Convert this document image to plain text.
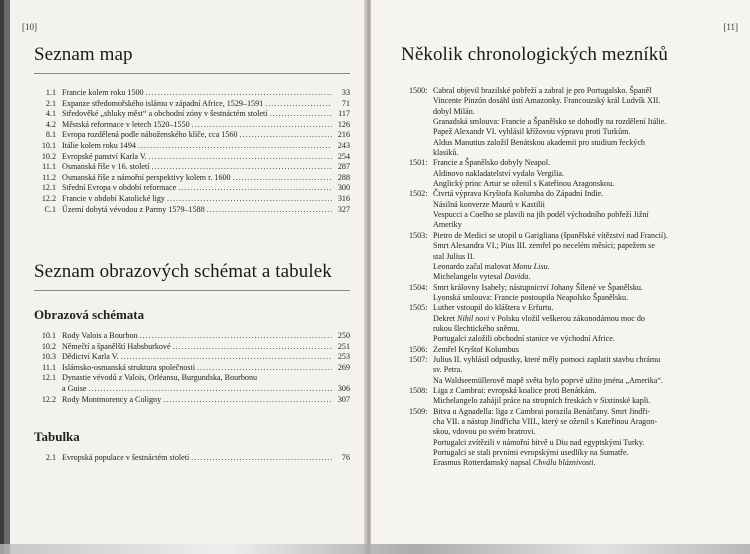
[10]
Seznam map
1.1 Francie kolem roku 1500 .....	33
2.1 Expanze středomořského islámu v západní Africe, 1529–1591 .....	71
4.1 Středověké „shluky měst“ a obchodní zóny v šestnáctém století .....	117
4.2 Městská reformace v letech 1520–1550 .....	126
8.1 Evropa rozdělená podle náboženského klíče, cca 1560 .....	216
10.1 Itálie kolem roku 1494 .....	243
10.2 Evropské panství Karla V. .....	254
11.1 Osmanská říše v 16. století .....	287
11.2 Osmanská říše z námořní perspektivy kolem r. 1600 .....	288
12.1 Střední Evropa v období reformace .....	300
12.2 Francie v období Katolické ligy .....	316
C.1 Území dobytá vévodou z Parmy 1579–1588 .....	327
Seznam obrazových schémat a tabulek
Obrazová schémata
10.1 Rody Valois a Bourbon .....	250
10.2 Němečtí a španělští Habsburkové .....	251
10.3 Dědictví Karla V. .....	253
11.1 Islámsko-osmanská struktura společnosti .....	269
12.1 Dynastie vévodů z Valois, Orléansu, Burgundska, Bourbonu
a Guise .....	306
12.2 Rody Montmorency a Coligny .....	307
Tabulka
2.1 Evropská populace v šestnáctém století .....	76
[11]
Několik chronologických mezníků
1500: Cabral objevil brazilské pobřeží a zabral je pro Portugalsko. Španěl
Vincente Pinzón dosáhl ústí Amazonky. Francouzský král Ludvík XII.
dobyl Milán.
Granadská smlouva: Francie a Španělsko se dohodly na rozdělení Itálie.
Papež Alexandr VI. vyhlásil křížovou výpravu proti Turkům.
Aldus Manutius založil Benátskou akademii pro studium řeckých
klasiků.
1501: Francie a Španělsko dobyly Neapol.
Aldinovo nakladatelství vydalo Vergilia.
Anglický princ Artur se oženil s Kateřinou Aragonskou.
1502: Čtvrtá výprava Kryštofa Kolumba do Západní Indie.
Násilná konverze Maurů v Kastilii
Vespucci a Coelho se plavili na jih podél východního pobřeží Jižní
Ameriky
1503: Pietro de Medici se utopil u Gariglianа (španělské vítězství nad Francií).
Smrt Alexandra VI.; Pius III. zemřel po necelém měsíci; papežem se
stal Julius II.
Leonardo začal malovat Monu Lisu.
Michelangelo vytesal Davida.
1504: Smrt královny Isabely; nástupnictví Johany Šílené ve Španělsku.
Lyonská smlouva: Francie postoupila Neapolsko Španělsku.
1505: Luther vstoupil do kláštera v Erfurtu.
Dekret Nihil novi v Polsku vložil veškerou zákonodárnou moc do
rukou šlechtického sněmu.
Portugalci založili obchodní stanice ve východní Africe.
1506: Zemřel Kryštof Kolumbus
1507: Julius II. vyhlásil odpustky, které měly pomoci zaplatit stavbu chrámu
sv. Petra.
Na Waldseemüllerově mapě světa bylo poprvé užito jména „Amerika“.
1508: Liga z Cambrai: evropská koalice proti Benátkám.
Michelangelo zahájil práce na stropních freskách v Sixtinské kapli.
1509: Bitva u Agnadella: liga z Cambrai porazila Benátčany. Smrt Jindři-
cha VII. a nástup Jindřicha VIII., který se oženil s Kateřinou Aragon-
skou, vdovou po svém bratrovi.
Portugalci zvítězili v námořní bitvě u Diu nad egyptskými Turky.
Portugalci se stali prvními evropskými usedlíky na Sumatře.
Erasmus Rotterdamský napsal Chválu bláznivosti.
